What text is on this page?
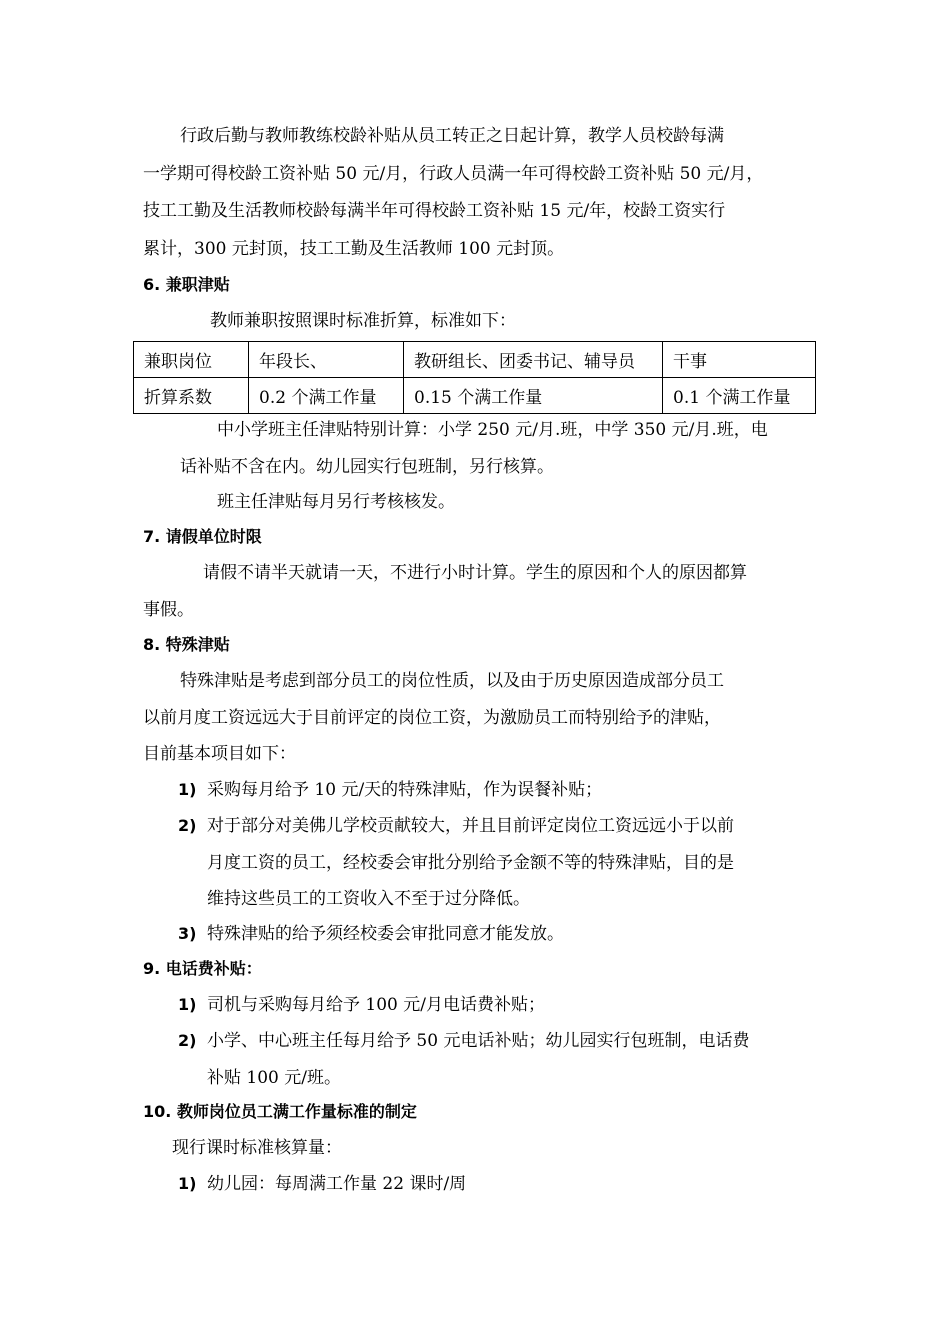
行政后勤与教师教练校龄补贴从员工转正之日起计算，教学人员校龄每满
一学期可得校龄工资补贴 50 元/月，行政人员满一年可得校龄工资补贴 50 元/月，
技工工勤及生活教师校龄每满半年可得校龄工资补贴 15 元/年，校龄工资实行
累计，300 元封顶，技工工勤及生活教师 100 元封顶。
6. 兼职津贴
教师兼职按照课时标准折算，标准如下：
兼职岗位	年段长、	教研组长、团委书记、辅导员	干事
折算系数	0.2 个满工作量	0.15 个满工作量	0.1 个满工作量
中小学班主任津贴特别计算：小学 250 元/月.班，中学 350 元/月.班，电
话补贴不含在内。幼儿园实行包班制，另行核算。
班主任津贴每月另行考核核发。
7. 请假单位时限
请假不请半天就请一天，不进行小时计算。学生的原因和个人的原因都算
事假。
8. 特殊津贴
特殊津贴是考虑到部分员工的岗位性质，以及由于历史原因造成部分员工
以前月度工资远远大于目前评定的岗位工资，为激励员工而特别给予的津贴，
目前基本项目如下：
1) 采购每月给予 10 元/天的特殊津贴，作为误餐补贴；
2) 对于部分对美佛儿学校贡献较大，并且目前评定岗位工资远远小于以前
月度工资的员工，经校委会审批分别给予金额不等的特殊津贴，目的是
维持这些员工的工资收入不至于过分降低。
3) 特殊津贴的给予须经校委会审批同意才能发放。
9. 电话费补贴：
1) 司机与采购每月给予 100 元/月电话费补贴；
2) 小学、中心班主任每月给予 50 元电话补贴；幼儿园实行包班制，电话费
补贴 100 元/班。
10. 教师岗位员工满工作量标准的制定
现行课时标准核算量：
1) 幼儿园：每周满工作量 22 课时/周
